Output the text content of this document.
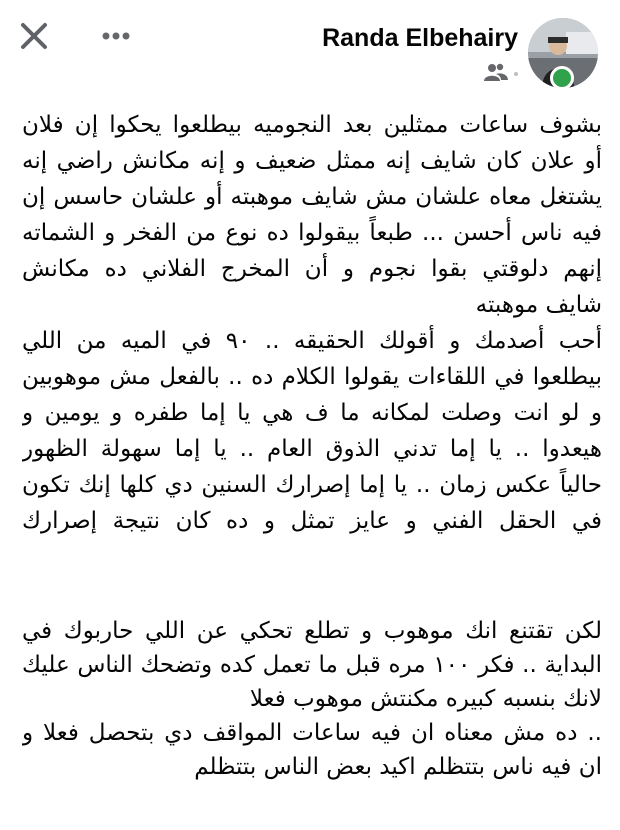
Randa Elbehairy
بشوف ساعات ممثلين بعد النجوميه بيطلعوا يحكوا إن فلان
أو علان كان شايف إنه ممثل ضعيف و إنه مكانش راضي إنه
يشتغل معاه علشان مش شايف موهبته أو علشان حاسس إن
فيه ناس أحسن ... طبعاً بيقولوا ده نوع من الفخر و الشماته
إنهم دلوقتي بقوا نجوم و أن المخرج الفلاني ده مكانش
شايف موهبته
أحب أصدمك و أقولك الحقيقه .. ٩٠ في الميه من اللي
بيطلعوا في اللقاءات يقولوا الكلام ده .. بالفعل مش موهوبين
و لو انت وصلت لمكانه ما ف هي يا إما طفره و يومين و
هيعدوا .. يا إما تدني الذوق العام .. يا إما سهولة الظهور
حالياً عكس زمان .. يا إما إصرارك السنين دي كلها إنك تكون
في الحقل الفني و عايز تمثل و ده كان نتيجة إصرارك
لكن تقتنع انك موهوب و تطلع تحكي عن اللي حاربوك في
البداية .. فكر ١٠٠ مره قبل ما تعمل كده وتضحك الناس عليك
لانك بنسبه كبيره مكنتش موهوب فعلا
.. ده مش معناه ان فيه ساعات المواقف دي بتحصل فعلا و
ان فيه ناس بتتظلم اكيد بعض الناس بتتظلم
